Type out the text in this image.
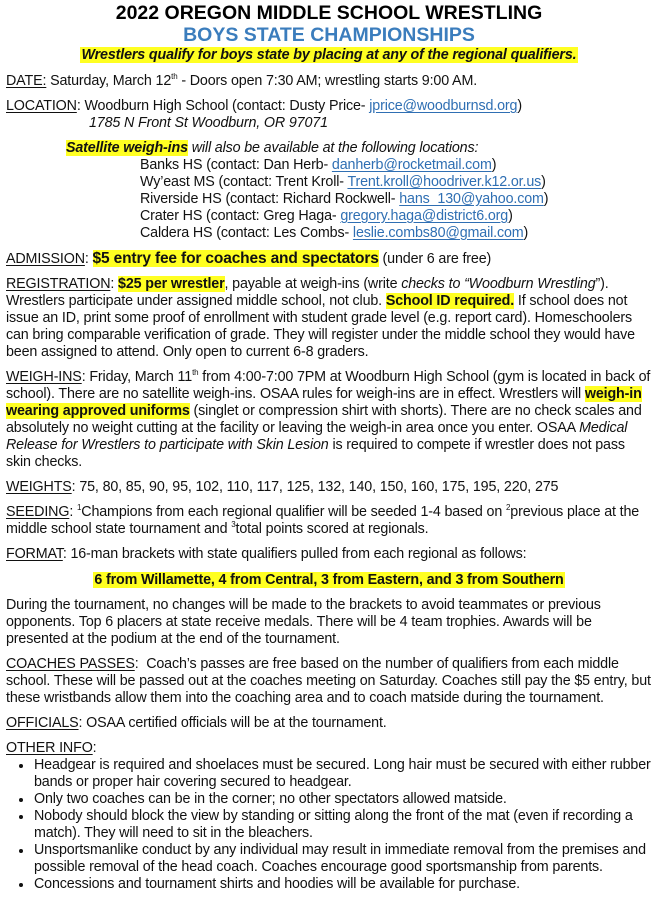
2022 OREGON MIDDLE SCHOOL WRESTLING
BOYS STATE CHAMPIONSHIPS
Wrestlers qualify for boys state by placing at any of the regional qualifiers.
DATE: Saturday, March 12th - Doors open 7:30 AM; wrestling starts 9:00 AM.
LOCATION: Woodburn High School (contact: Dusty Price- jprice@woodburnsd.org)
1785 N Front St Woodburn, OR 97071
Satellite weigh-ins will also be available at the following locations:
Banks HS (contact: Dan Herb- danherb@rocketmail.com)
Wy’east MS (contact: Trent Kroll- Trent.kroll@hoodriver.k12.or.us)
Riverside HS (contact: Richard Rockwell- hans_130@yahoo.com)
Crater HS (contact: Greg Haga- gregory.haga@district6.org)
Caldera HS (contact: Les Combs- leslie.combs80@gmail.com)
ADMISSION: $5 entry fee for coaches and spectators (under 6 are free)
REGISTRATION: $25 per wrestler, payable at weigh-ins (write checks to “Woodburn Wrestling”). Wrestlers participate under assigned middle school, not club. School ID required. If school does not issue an ID, print some proof of enrollment with student grade level (e.g. report card). Homeschoolers can bring comparable verification of grade. They will register under the middle school they would have been assigned to attend. Only open to current 6-8 graders.
WEIGH-INS: Friday, March 11th from 4:00-7:00 7PM at Woodburn High School (gym is located in back of school). There are no satellite weigh-ins. OSAA rules for weigh-ins are in effect. Wrestlers will weigh-in wearing approved uniforms (singlet or compression shirt with shorts). There are no check scales and absolutely no weight cutting at the facility or leaving the weigh-in area once you enter. OSAA Medical Release for Wrestlers to participate with Skin Lesion is required to compete if wrestler does not pass skin checks.
WEIGHTS: 75, 80, 85, 90, 95, 102, 110, 117, 125, 132, 140, 150, 160, 175, 195, 220, 275
SEEDING: $^1$Champions from each regional qualifier will be seeded 1-4 based on $^2$previous place at the middle school state tournament and $^3$total points scored at regionals.
FORMAT: 16-man brackets with state qualifiers pulled from each regional as follows:
6 from Willamette, 4 from Central, 3 from Eastern, and 3 from Southern
During the tournament, no changes will be made to the brackets to avoid teammates or previous opponents. Top 6 placers at state receive medals. There will be 4 team trophies. Awards will be presented at the podium at the end of the tournament.
COACHES PASSES:  Coach’s passes are free based on the number of qualifiers from each middle school. These will be passed out at the coaches meeting on Saturday. Coaches still pay the $5 entry, but these wristbands allow them into the coaching area and to coach matside during the tournament.
OFFICIALS: OSAA certified officials will be at the tournament.
OTHER INFO:
Headgear is required and shoelaces must be secured. Long hair must be secured with either rubber bands or proper hair covering secured to headgear.
Only two coaches can be in the corner; no other spectators allowed matside.
Nobody should block the view by standing or sitting along the front of the mat (even if recording a match). They will need to sit in the bleachers.
Unsportsmanlike conduct by any individual may result in immediate removal from the premises and possible removal of the head coach. Coaches encourage good sportsmanship from parents.
Concessions and tournament shirts and hoodies will be available for purchase.
